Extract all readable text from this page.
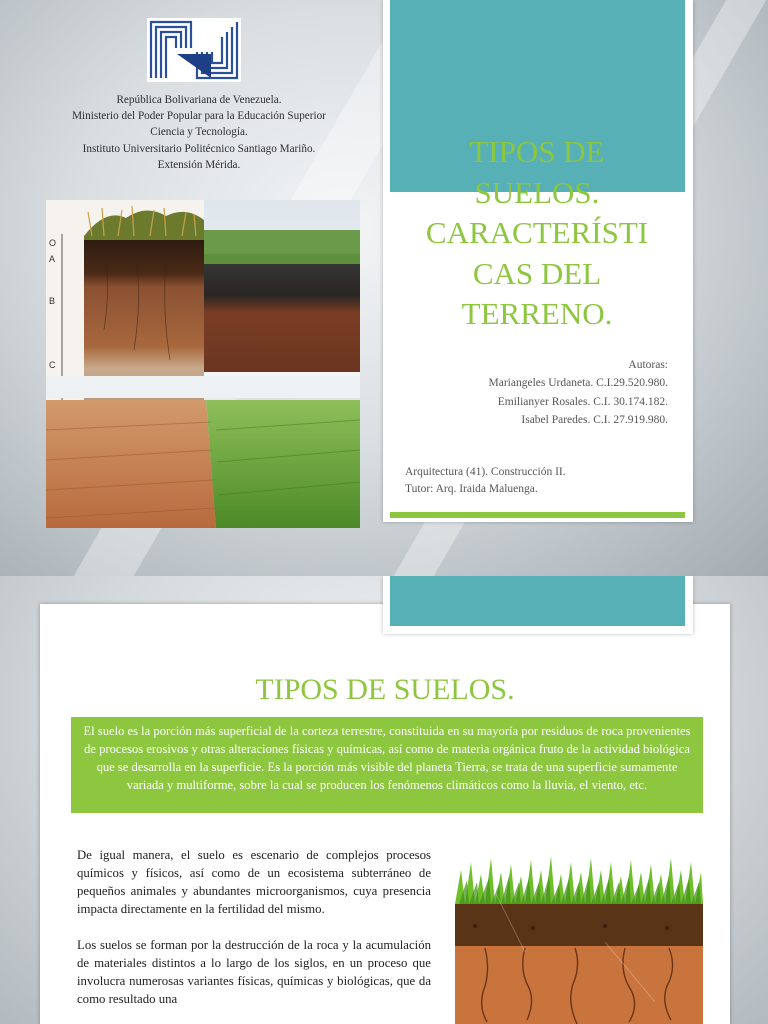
República Bolivariana de Venezuela.
Ministerio del Poder Popular para la Educación Superior
Ciencia y Tecnología.
Instituto Universitario Politécnico Santiago Mariño.
Extensión Mérida.
O
A
B
C
TIPOS DE
SUELOS.
CARACTERÍSTI
CAS DEL
TERRENO.
Autoras:
Mariangeles Urdaneta. C.I.29.520.980.
Emilianyer Rosales. C.I. 30.174.182.
Isabel Paredes. C.I. 27.919.980.
Arquitectura (41). Construcción II.
Tutor: Arq. Iraida Maluenga.
TIPOS DE SUELOS.
El suelo es la porción más superficial de la corteza terrestre, constituida en su mayoría por residuos de roca provenientes de procesos erosivos y otras alteraciones físicas y químicas, así como de materia orgánica fruto de la actividad biológica que se desarrolla en la superficie. Es la porción más visible del planeta Tierra, se trata de una superficie sumamente variada y multiforme, sobre la cual se producen los fenómenos climáticos como la lluvia, el viento, etc.

De igual manera, el suelo es escenario de complejos procesos químicos y físicos, así como de un ecosistema subterráneo de pequeños animales y abundantes microorganismos, cuya presencia impacta directamente en la fertilidad del mismo.

Los suelos se forman por la destrucción de la roca y la acumulación de materiales distintos a lo largo de los siglos, en un proceso que involucra numerosas variantes físicas, químicas y biológicas, que da como resultado una
